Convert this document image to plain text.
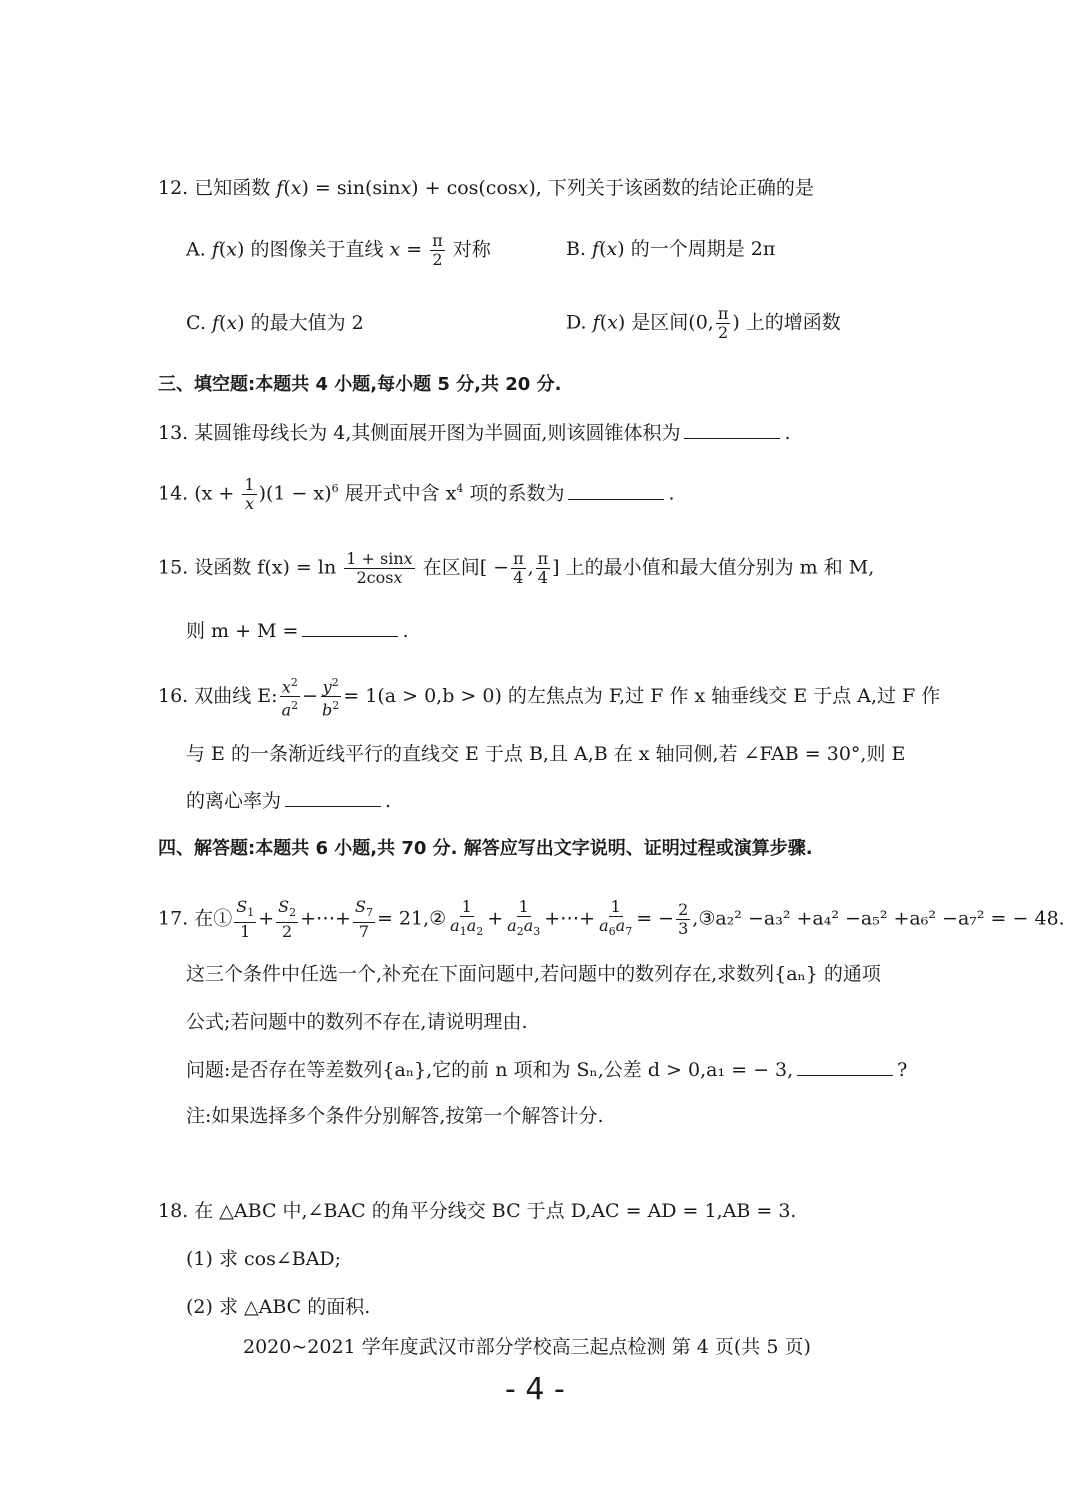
12. 已知函数 f(x) = sin(sinx) + cos(cosx), 下列关于该函数的结论正确的是
A. f(x) 的图像关于直线 $x = \frac{\pi}{2}$ 对称	B. f(x) 的一个周期是 2π
C. f(x) 的最大值为 2	D. f(x) 是区间(0, $\frac{\pi}{2}$ ) 上的增函数
三、填空题:本题共 4 小题,每小题 5 分,共 20 分.
13. 某圆锥母线长为 4,其侧面展开图为半圆面,则该圆锥体积为	.
14. $(x + \frac{1}{x} )(1 - x)^6$ 展开式中含 $x^4$ 项的系数为	.
15. 设函数 $f(x) = \ln \frac{1 + \sin x}{2\cos x}$ 在区间[ − $\frac{\pi}{4}$ , $\frac{\pi}{4}$ ] 上的最小值和最大值分别为 m 和 M,
则 m + M =	.
16. 双曲线 E: $\frac{x^2}{a^2} - \frac{y^2}{b^2} = 1(a > 0,b > 0)$ 的左焦点为 F,过 F 作 x 轴垂线交 E 于点 A,过 F 作
与 E 的一条渐近线平行的直线交 E 于点 B,且 A,B 在 x 轴同侧,若 ∠FAB = 30°,则 E
的离心率为	.
四、解答题:本题共 6 小题,共 70 分. 解答应写出文字说明、证明过程或演算步骤.
17. 在① $\frac{S_1}{1} + \frac{S_2}{2}$ +⋯+ $\frac{S_7}{7}$ = 21,② $\frac{1}{a_1a_2} + \frac{1}{a_2a_3}$ +⋯+ $\frac{1}{a_6a_7}$ = − $\frac{2}{3}$ ,③a₂² −a₃² +a₄² −a₅² +a₆² −a₇² = − 48.
这三个条件中任选一个,补充在下面问题中,若问题中的数列存在,求数列{aₙ} 的通项
公式;若问题中的数列不存在,请说明理由.
问题:是否存在等差数列{aₙ},它的前 n 项和为 Sₙ,公差 d > 0,a₁ = − 3,	?
注:如果选择多个条件分别解答,按第一个解答计分.
18. 在 △ABC 中,∠BAC 的角平分线交 BC 于点 D,AC = AD = 1,AB = 3.
(1) 求 cos∠BAD;
(2) 求 △ABC 的面积.
2020~2021 学年度武汉市部分学校高三起点检测 第 4 页(共 5 页)
- 4 -
